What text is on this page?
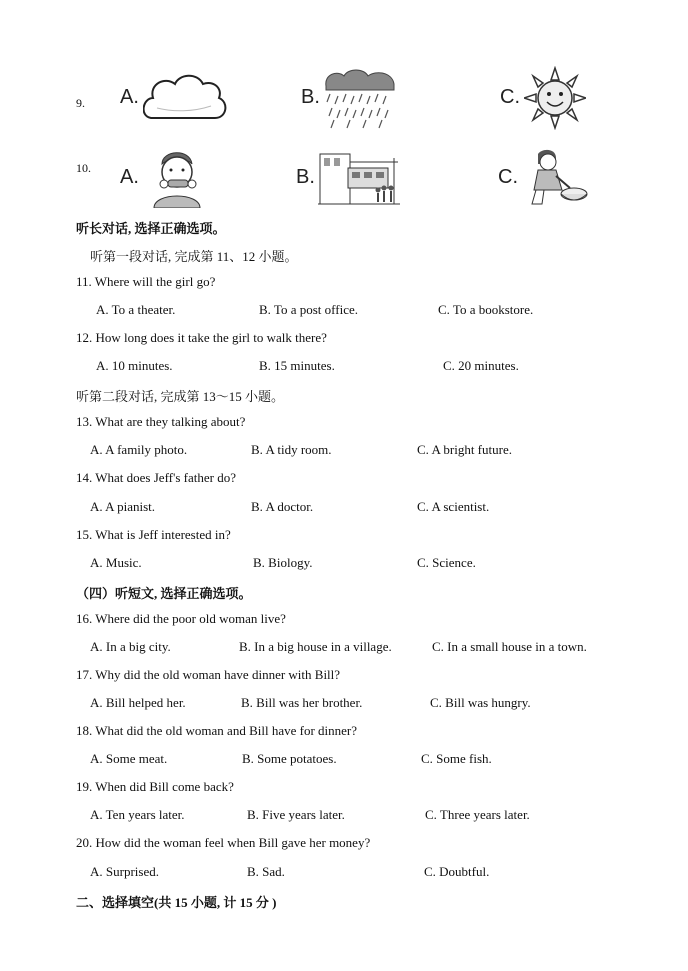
9. A.	B.	C.
10. A.	B.	C.
听长对话, 选择正确选项。
听第一段对话, 完成第 11、12 小题。
11. Where will the girl go?
A. To a theater.	B. To a post office.	C. To a bookstore.
12. How long does it take the girl to walk there?
A. 10 minutes.	B. 15 minutes.	C. 20 minutes.
听第二段对话, 完成第 13～15 小题。
13. What are they talking about?
A. A family photo.	B. A tidy room.	C. A bright future.
14. What does Jeff's father do?
A. A pianist.	B. A doctor.	C. A scientist.
15. What is Jeff interested in?
A. Music.	B. Biology.	C. Science.
（四）听短文, 选择正确选项。
16. Where did the poor old woman live?
A. In a big city.	B. In a big house in a village.	C. In a small house in a town.
17. Why did the old woman have dinner with Bill?
A. Bill helped her.	B. Bill was her brother.	C. Bill was hungry.
18. What did the old woman and Bill have for dinner?
A. Some meat.	B. Some potatoes.	C. Some fish.
19. When did Bill come back?
A. Ten years later.	B. Five years later.	C. Three years later.
20. How did the woman feel when Bill gave her money?
A. Surprised.	B. Sad.	C. Doubtful.
二、选择填空(共 15 小题, 计 15 分 )
